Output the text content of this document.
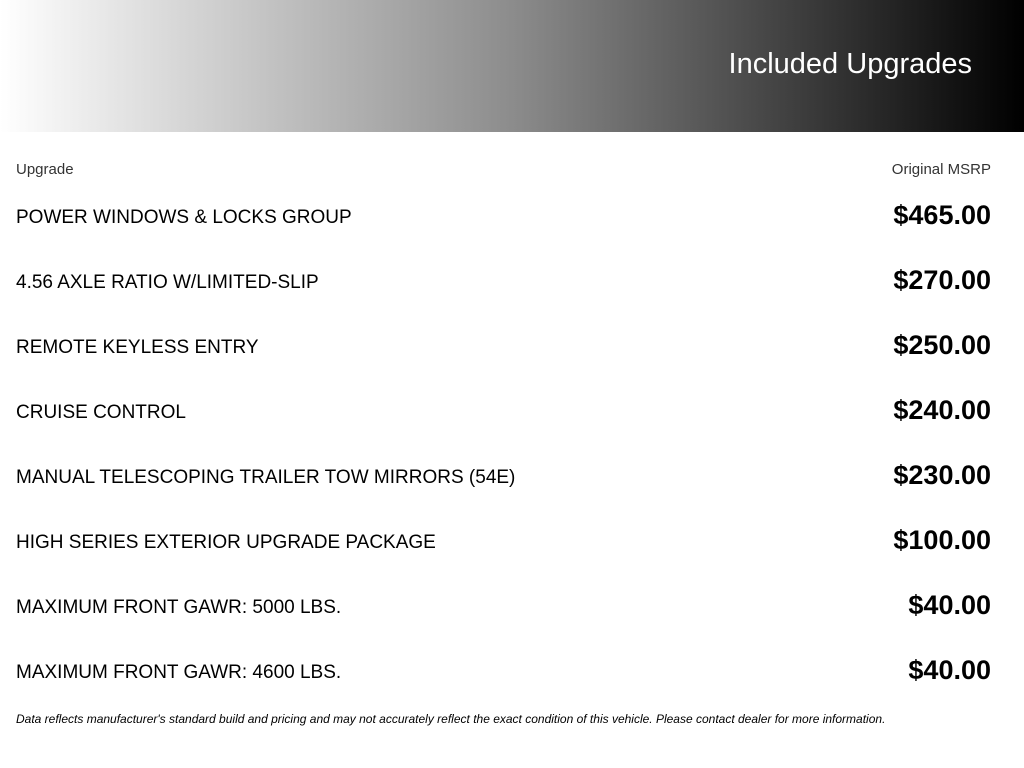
Included Upgrades
Upgrade	Original MSRP
POWER WINDOWS & LOCKS GROUP	$465.00
4.56 AXLE RATIO W/LIMITED-SLIP	$270.00
REMOTE KEYLESS ENTRY	$250.00
CRUISE CONTROL	$240.00
MANUAL TELESCOPING TRAILER TOW MIRRORS (54E)	$230.00
HIGH SERIES EXTERIOR UPGRADE PACKAGE	$100.00
MAXIMUM FRONT GAWR: 5000 LBS.	$40.00
MAXIMUM FRONT GAWR: 4600 LBS.	$40.00
Data reflects manufacturer's standard build and pricing and may not accurately reflect the exact condition of this vehicle. Please contact dealer for more information.
